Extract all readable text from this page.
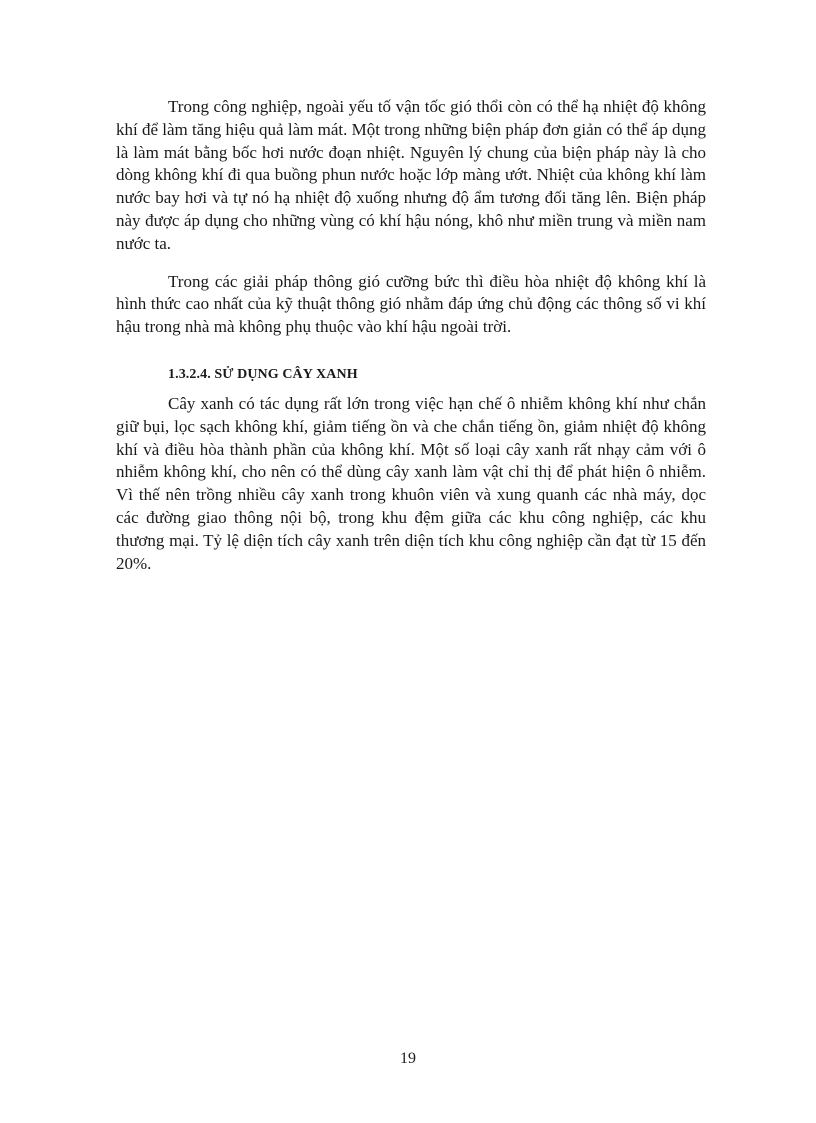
Trong công nghiệp, ngoài yếu tố vận tốc gió thổi còn có thể hạ nhiệt độ không khí để làm tăng hiệu quả làm mát. Một trong những biện pháp đơn giản có thể áp dụng là làm mát bằng bốc hơi nước đoạn nhiệt. Nguyên lý chung của biện pháp này là cho dòng không khí đi qua buồng phun nước hoặc lớp màng ướt. Nhiệt của không khí làm nước bay hơi và tự nó hạ nhiệt độ xuống nhưng độ ẩm tương đối tăng lên. Biện pháp này được áp dụng cho những vùng có khí hậu nóng, khô như miền trung và miền nam nước ta.

Trong các giải pháp thông gió cưỡng bức thì điều hòa nhiệt độ không khí là hình thức cao nhất của kỹ thuật thông gió nhằm đáp ứng chủ động các thông số vi khí hậu trong nhà mà không phụ thuộc vào khí hậu ngoài trời.

1.3.2.4. SỬ DỤNG CÂY XANH

Cây xanh có tác dụng rất lớn trong việc hạn chế ô nhiễm không khí như chắn giữ bụi, lọc sạch không khí, giảm tiếng ồn và che chắn tiếng ồn, giảm nhiệt độ không khí và điều hòa thành phần của không khí. Một số loại cây xanh rất nhạy cảm với ô nhiễm không khí, cho nên có thể dùng cây xanh làm vật chỉ thị để phát hiện ô nhiễm. Vì thế nên trồng nhiều cây xanh trong khuôn viên và xung quanh các nhà máy, dọc các đường giao thông nội bộ, trong khu đệm giữa các khu công nghiệp, các khu thương mại. Tỷ lệ diện tích cây xanh trên diện tích khu công nghiệp cần đạt từ 15 đến 20%.

19
